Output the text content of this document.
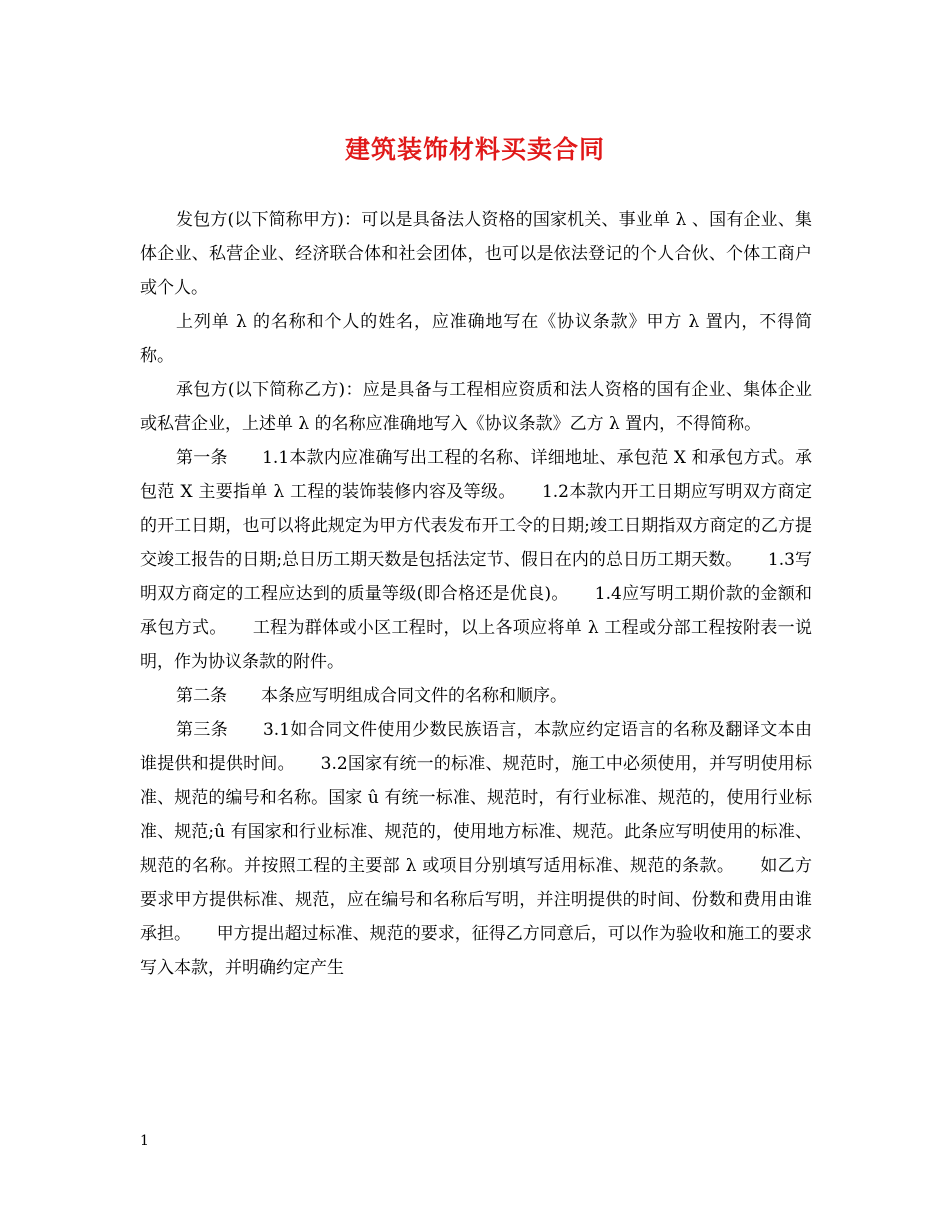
建筑装饰材料买卖合同

发包方(以下简称甲方)：可以是具备法人资格的国家机关、事业单 λ 、国有企业、集体企业、私营企业、经济联合体和社会团体，也可以是依法登记的个人合伙、个体工商户或个人。

上列单 λ 的名称和个人的姓名，应准确地写在《协议条款》甲方 λ 置内，不得简称。

承包方(以下简称乙方)：应是具备与工程相应资质和法人资格的国有企业、集体企业或私营企业，上述单 λ 的名称应准确地写入《协议条款》乙方 λ 置内，不得简称。

第一条　　1.1本款内应准确写出工程的名称、详细地址、承包范 X 和承包方式。承包范 X 主要指单 λ 工程的装饰装修内容及等级。　　1.2本款内开工日期应写明双方商定的开工日期，也可以将此规定为甲方代表发布开工令的日期;竣工日期指双方商定的乙方提交竣工报告的日期;总日历工期天数是包括法定节、假日在内的总日历工期天数。　　1.3写明双方商定的工程应达到的质量等级(即合格还是优良)。　　1.4应写明工期价款的金额和承包方式。　　工程为群体或小区工程时，以上各项应将单 λ 工程或分部工程按附表一说明，作为协议条款的附件。

第二条　　本条应写明组成合同文件的名称和顺序。

第三条　　3.1如合同文件使用少数民族语言，本款应约定语言的名称及翻译文本由谁提供和提供时间。　　3.2国家有统一的标准、规范时，施工中必须使用，并写明使用标准、规范的编号和名称。国家 û 有统一标准、规范时，有行业标准、规范的，使用行业标准、规范;û 有国家和行业标准、规范的，使用地方标准、规范。此条应写明使用的标准、规范的名称。并按照工程的主要部 λ 或项目分别填写适用标准、规范的条款。　　如乙方要求甲方提供标准、规范，应在编号和名称后写明，并注明提供的时间、份数和费用由谁承担。　　甲方提出超过标准、规范的要求，征得乙方同意后，可以作为验收和施工的要求写入本款，并明确约定产生

1
